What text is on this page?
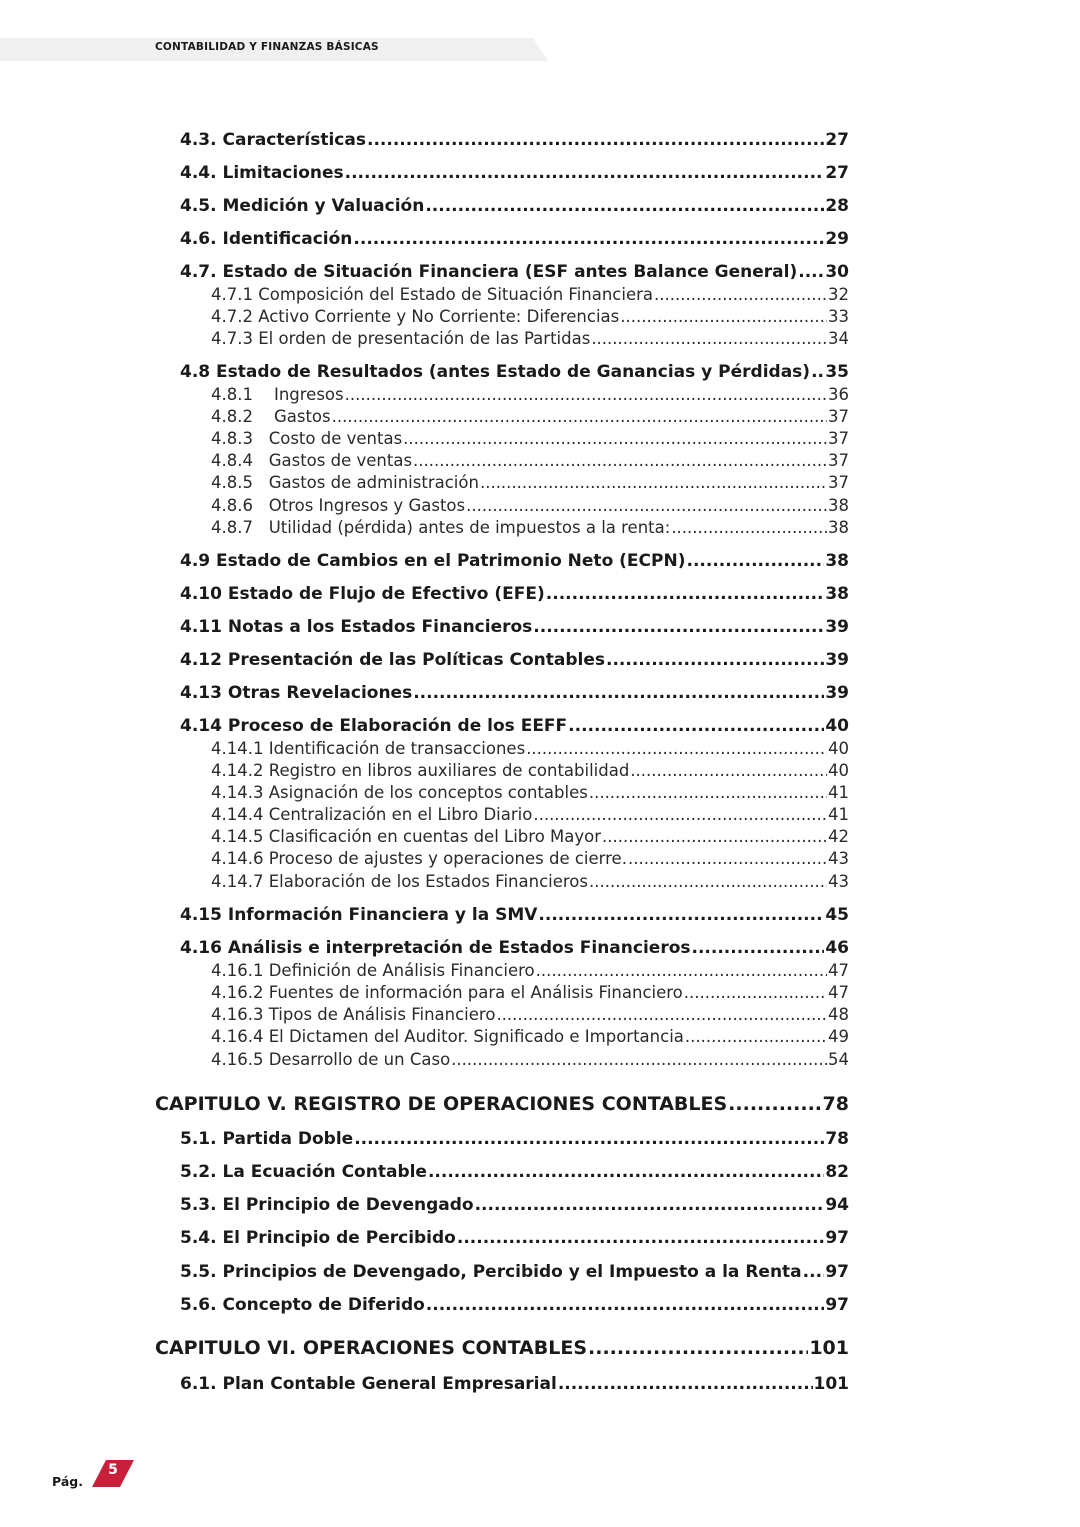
CONTABILIDAD Y FINANZAS BÁSICAS
4.3. Características .....	27
4.4. Limitaciones .....	27
4.5. Medición y Valuación .....	28
4.6. Identificación .....	29
4.7. Estado de Situación Financiera (ESF antes Balance General) ..... 30
4.7.1 Composición del Estado de Situación Financiera .....	32
4.7.2 Activo Corriente y No Corriente: Diferencias .....	33
4.7.3 El orden de presentación de las Partidas .....	34
4.8 Estado de Resultados (antes Estado de Ganancias y Pérdidas) ..... 35
4.8.1    Ingresos .....	36
4.8.2    Gastos .....	37
4.8.3   Costo de ventas .....	37
4.8.4   Gastos de ventas .....	37
4.8.5   Gastos de administración .....	37
4.8.6   Otros Ingresos y Gastos .....	38
4.8.7   Utilidad (pérdida) antes de impuestos a la renta: .....	38
4.9 Estado de Cambios en el Patrimonio Neto (ECPN) .....	38
4.10 Estado de Flujo de Efectivo (EFE) .....	38
4.11 Notas a los Estados Financieros .....	39
4.12 Presentación de las Políticas Contables .....	39
4.13 Otras Revelaciones .....	39
4.14 Proceso de Elaboración de los EEFF .....	40
4.14.1 Identificación de transacciones .....	40
4.14.2 Registro en libros auxiliares de contabilidad .....	40
4.14.3 Asignación de los conceptos contables .....	41
4.14.4 Centralización en el Libro Diario .....	41
4.14.5 Clasificación en cuentas del Libro Mayor .....	42
4.14.6 Proceso de ajustes y operaciones de cierre. .....	43
4.14.7 Elaboración de los Estados Financieros .....	43
4.15 Información Financiera y la SMV .....	45
4.16 Análisis e interpretación de Estados Financieros .....	46
4.16.1 Definición de Análisis Financiero .....	47
4.16.2 Fuentes de información para el Análisis Financiero .....	47
4.16.3 Tipos de Análisis Financiero .....	48
4.16.4 El Dictamen del Auditor. Significado e Importancia .....	49
4.16.5 Desarrollo de un Caso .....	54
CAPITULO V. REGISTRO DE OPERACIONES CONTABLES .....	78
5.1. Partida Doble .....	78
5.2. La Ecuación Contable .....	82
5.3. El Principio de Devengado .....	94
5.4. El Principio de Percibido .....	97
5.5. Principios de Devengado, Percibido y el Impuesto a la Renta ..... 97
5.6. Concepto de Diferido .....	97
CAPITULO VI. OPERACIONES CONTABLES .....	101
6.1. Plan Contable General Empresarial .....	101
Pág.
5
